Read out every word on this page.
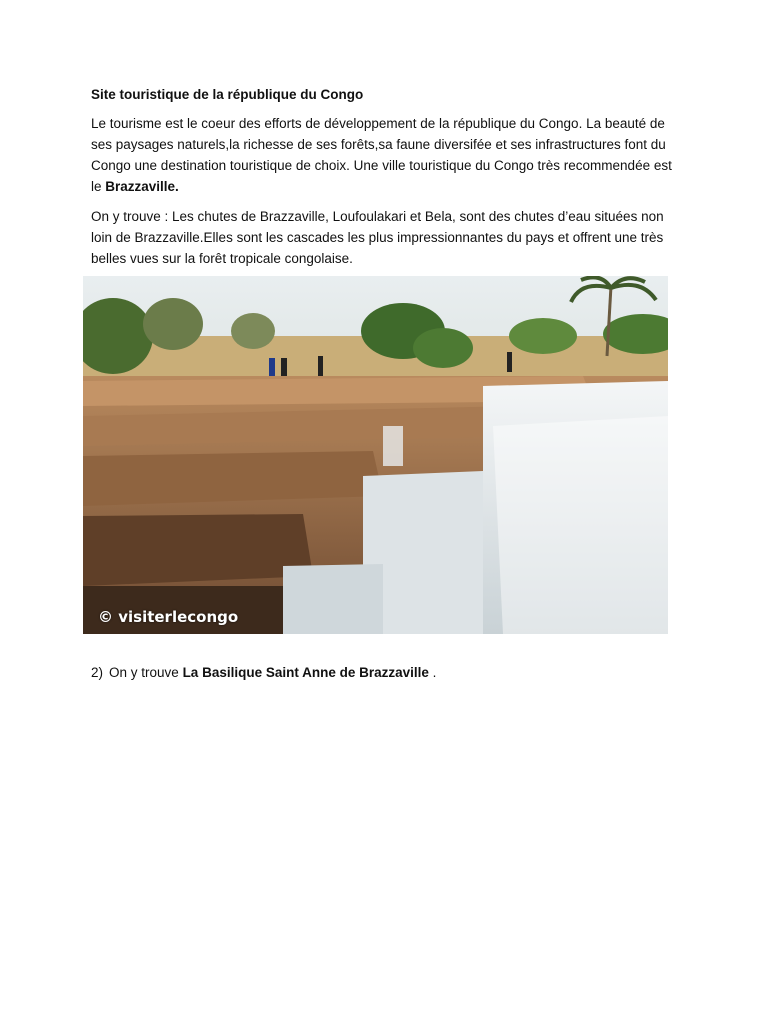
Site touristique de la république du Congo

Le tourisme est le coeur des efforts de développement de la république du Congo. La beauté de ses paysages naturels,la richesse de ses forêts,sa faune diversifée et ses infrastructures font du Congo une destination touristique de choix. Une ville touristique du Congo très recommendée est le Brazzaville.

On y trouve : Les chutes de Brazzaville, Loufoulakari et Bela, sont des chutes d’eau situées non loin de Brazzaville.Elles sont les cascades les plus impressionnantes du pays et offrent une très belles vues sur la forêt tropicale congolaise.

© visiterlecongo
2) On y trouve La Basilique Saint Anne de Brazzaville .
